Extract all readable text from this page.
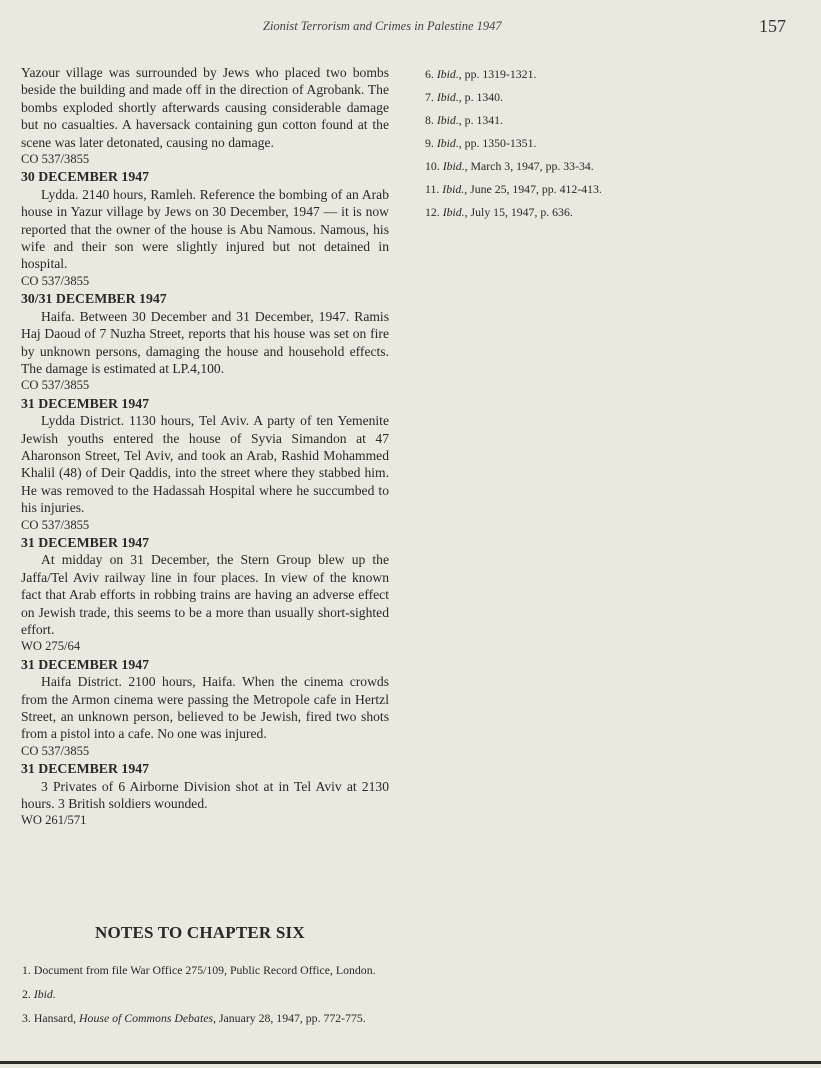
Zionist Terrorism and Crimes in Palestine 1947	157

Yazour village was surrounded by Jews who placed two bombs beside the building and made off in the direction of Agrobank. The bombs exploded shortly afterwards causing considerable damage but no casualties. A haversack containing gun cotton found at the scene was later detonated, causing no damage.

CO 537/3855

30 DECEMBER 1947

Lydda. 2140 hours, Ramleh. Reference the bombing of an Arab house in Yazur village by Jews on 30 December, 1947 — it is now reported that the owner of the house is Abu Namous. Namous, his wife and their son were slightly injured but not detained in hospital.

CO 537/3855

30/31 DECEMBER 1947

Haifa. Between 30 December and 31 December, 1947. Ramis Haj Daoud of 7 Nuzha Street, reports that his house was set on fire by unknown persons, damaging the house and household effects. The damage is estimated at LP.4,100.

CO 537/3855

31 DECEMBER 1947

Lydda District. 1130 hours, Tel Aviv. A party of ten Yemenite Jewish youths entered the house of Syvia Simandon at 47 Aharonson Street, Tel Aviv, and took an Arab, Rashid Mohammed Khalil (48) of Deir Qaddis, into the street where they stabbed him. He was removed to the Hadassah Hospital where he succumbed to his injuries.

CO 537/3855

31 DECEMBER 1947

At midday on 31 December, the Stern Group blew up the Jaffa/Tel Aviv railway line in four places. In view of the known fact that Arab efforts in robbing trains are having an adverse effect on Jewish trade, this seems to be a more than usually short-sighted effort.

WO 275/64

31 DECEMBER 1947

Haifa District. 2100 hours, Haifa. When the cinema crowds from the Armon cinema were passing the Metropole cafe in Hertzl Street, an unknown person, believed to be Jewish, fired two shots from a pistol into a cafe. No one was injured.

CO 537/3855

31 DECEMBER 1947

3 Privates of 6 Airborne Division shot at in Tel Aviv at 2130 hours. 3 British soldiers wounded.

WO 261/571

NOTES TO CHAPTER SIX

1. Document from file War Office 275/109, Public Record Office, London.

2. Ibid.

3. Hansard, House of Commons Debates, January 28, 1947, pp. 772-775.

6. Ibid., pp. 1319-1321.

7. Ibid., p. 1340.

8. Ibid., p. 1341.

9. Ibid., pp. 1350-1351.

10. Ibid., March 3, 1947, pp. 33-34.

11. Ibid., June 25, 1947, pp. 412-413.

12. Ibid., July 15, 1947, p. 636.
